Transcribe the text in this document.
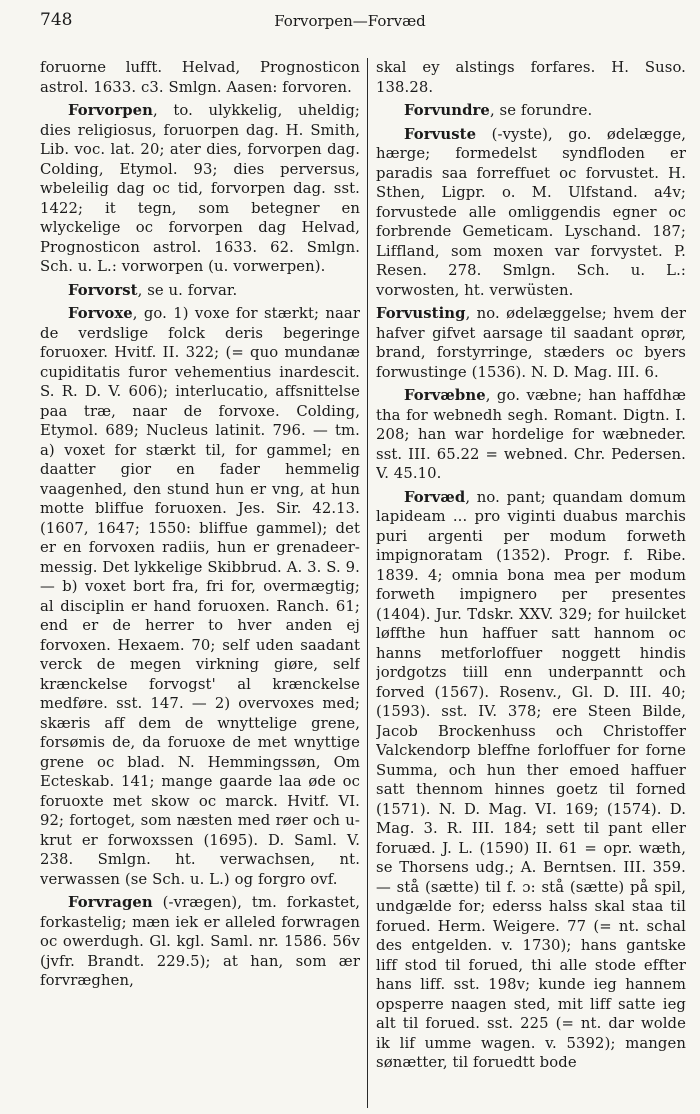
748	Forvorpen—Forvæd

foruorne lufft. Helvad, Prognosticon astrol. 1633. c3. Smlgn. Aasen: forvoren.

Forvorpen, to. ulykkelig, uheldig; dies religiosus, foruorpen dag. H. Smith, Lib. voc. lat. 20; ater dies, forvorpen dag. Colding, Etymol. 93; dies perversus, wbeleilig dag oc tid, forvorpen dag. sst. 1422; it tegn, som betegner en wlyckelige oc forvorpen dag Helvad, Prognosticon astrol. 1633. 62. Smlgn. Sch. u. L.: vorworpen (u. vorwerpen).

Forvorst, se u. forvar.

Forvoxe, go. 1) voxe for stærkt; naar de verdslige folck deris begeringe foruoxer. Hvitf. II. 322; (= quo mundanæ cupiditatis furor vehementius inardescit. S. R. D. V. 606); interlucatio, affsnittelse paa træ, naar de forvoxe. Colding, Etymol. 689; Nucleus latinit. 796. — tm. a) voxet for stærkt til, for gammel; en daatter gior en fader hemmelig vaagenhed, den stund hun er vng, at hun motte bliffue foruoxen. Jes. Sir. 42.13. (1607, 1647; 1550: bliffue gammel); det er en forvoxen radiis, hun er grenadeer-messig. Det lykkelige Skibbrud. A. 3. S. 9. — b) voxet bort fra, fri for, overmægtig; al disciplin er hand foruoxen. Ranch. 61; end er de herrer to hver anden ej forvoxen. Hexaem. 70; self uden saadant verck de megen virkning giøre, self krænckelse forvogst' al krænckelse medføre. sst. 147. — 2) overvoxes med; skæris aff dem de wnyttelige grene, forsømis de, da foruoxe de met wnyttige grene oc blad. N. Hemmingssøn, Om Ecteskab. 141; mange gaarde laa øde oc foruoxte met skow oc marck. Hvitf. VI. 92; fortoget, som næsten med røer och u-krut er forwoxssen (1695). D. Saml. V. 238. Smlgn. ht. verwachsen, nt. verwassen (se Sch. u. L.) og forgro ovf.

Forvragen (-vrægen), tm. forkastet, forkastelig; mæn iek er alleled forwragen oc owerdugh. Gl. kgl. Saml. nr. 1586. 56v (jvfr. Brandt. 229.5); at han, som ær forvræghen,

skal ey alstings forfares. H. Suso. 138.28.

Forvundre, se forundre.

Forvuste (-vyste), go. ødelægge, hærge; formedelst syndfloden er paradis saa forreffuet oc forvustet. H. Sthen, Ligpr. o. M. Ulfstand. a4v; forvustede alle omliggendis egner oc forbrende Gemeticam. Lyschand. 187; Liffland, som moxen var forvystet. P. Resen. 278. Smlgn. Sch. u. L.: vorwosten, ht. verwüsten.

Forvusting, no. ødelæggelse; hvem der hafver gifvet aarsage til saadant oprør, brand, forstyrringe, stæders oc byers forwustinge (1536). N. D. Mag. III. 6.

Forvæbne, go. væbne; han haffdhæ tha for webnedh segh. Romant. Digtn. I. 208; han war hordelige for wæbneder. sst. III. 65.22 = webned. Chr. Pedersen. V. 45.10.

Forvæd, no. pant; quandam domum lapideam ... pro viginti duabus marchis puri argenti per modum forweth impignoratam (1352). Progr. f. Ribe. 1839. 4; omnia bona mea per modum forweth impignero per presentes (1404). Jur. Tdskr. XXV. 329; for huilcket løffthe hun haffuer satt hannom oc hanns metforloffuer noggett hindis jordgotzs tiill enn underpanntt och forved (1567). Rosenv., Gl. D. III. 40; (1593). sst. IV. 378; ere Steen Bilde, Jacob Brockenhuss och Christoffer Valckendorp bleffne forloffuer for forne Summa, och hun ther emoed haffuer satt thennom hinnes goetz til forned (1571). N. D. Mag. VI. 169; (1574). D. Mag. 3. R. III. 184; sett til pant eller foruæd. J. L. (1590) II. 61 = opr. wæth, se Thorsens udg.; A. Berntsen. III. 359. — stå (sætte) til f. ɔ: stå (sætte) på spil, undgælde for; ederss halss skal staa til forued. Herm. Weigere. 77 (= nt. schal des entgelden. v. 1730); hans gantske liff stod til forued, thi alle stode effter hans liff. sst. 198v; kunde ieg hannem opsperre naagen sted, mit liff satte ieg alt til forued. sst. 225 (= nt. dar wolde ik lif umme wagen. v. 5392); mangen sønætter, til foruedtt bode
